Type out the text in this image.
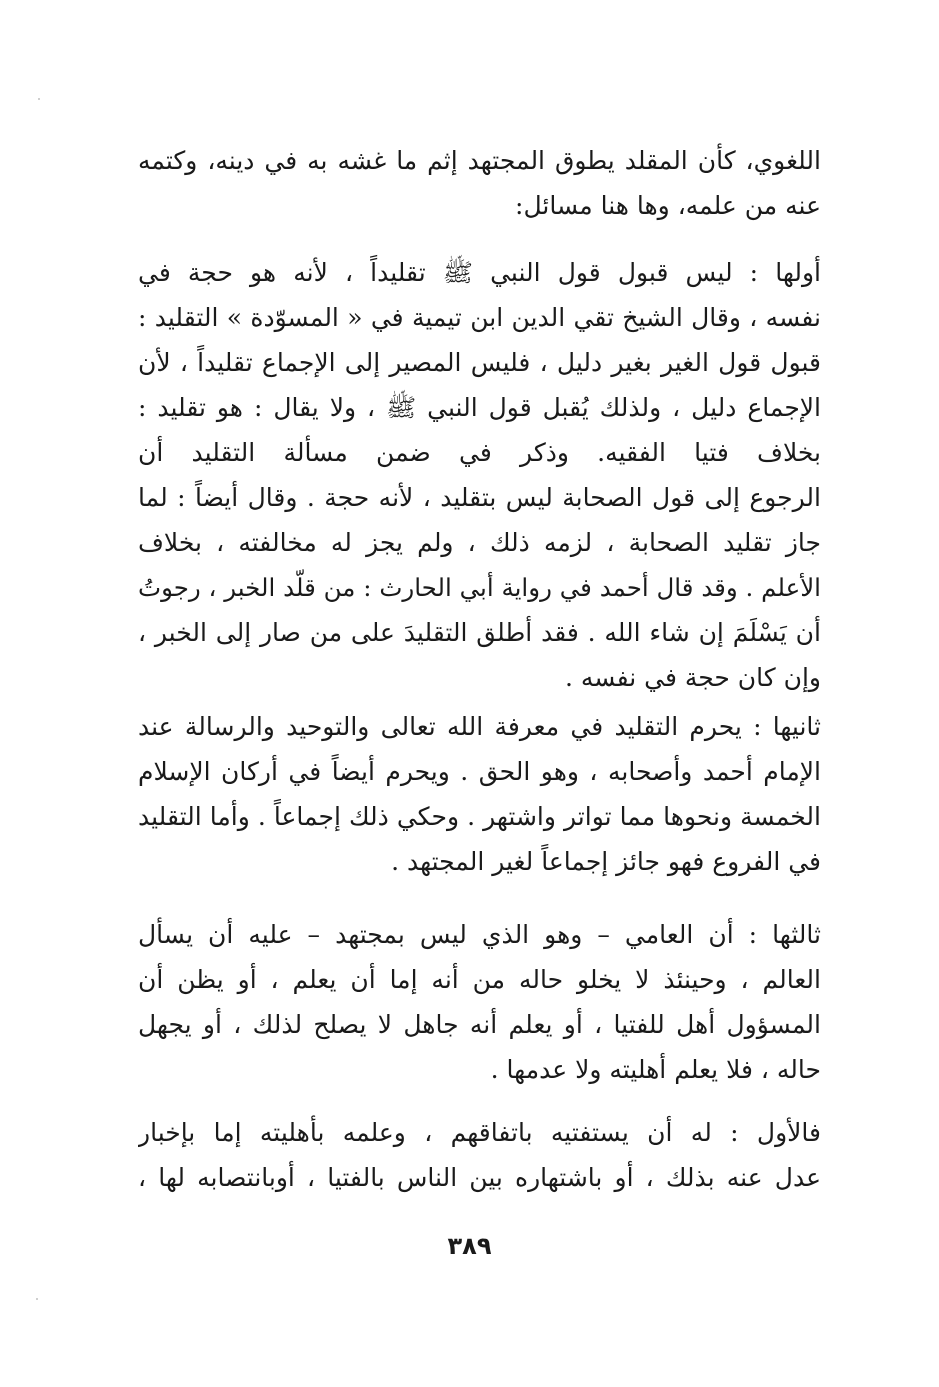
اللغوي، كأن المقلد يطوق المجتهد إثم ما غشه به في دينه، وكتمه
عنه من علمه، وها هنا مسائل:
أولها : ليس قبول قول النبي ﷺ تقليداً ، لأنه هو حجة في
نفسه ، وقال الشيخ تقي الدين ابن تيمية في « المسوّدة » التقليد :
قبول قول الغير بغير دليل ، فليس المصير إلى الإجماع تقليداً ، لأن
الإجماع دليل ، ولذلك يُقبل قول النبي ﷺ ، ولا يقال : هو تقليد :
بخلاف فتيا الفقيه. وذكر في ضمن مسألة التقليد أن
الرجوع إلى قول الصحابة ليس بتقليد ، لأنه حجة . وقال أيضاً : لما
جاز تقليد الصحابة ، لزمه ذلك ، ولم يجز له مخالفته ، بخلاف
الأعلم . وقد قال أحمد في رواية أبي الحارث : من قلّد الخبر ، رجوتُ
أن يَسْلَمَ إن شاء الله . فقد أطلق التقليدَ على من صار إلى الخبر ،
وإن كان حجة في نفسه .
ثانيها : يحرم التقليد في معرفة الله تعالى والتوحيد والرسالة عند
الإمام أحمد وأصحابه ، وهو الحق . ويحرم أيضاً في أركان الإسلام
الخمسة ونحوها مما تواتر واشتهر . وحكي ذلك إجماعاً . وأما التقليد
في الفروع فهو جائز إجماعاً لغير المجتهد .
ثالثها : أن العامي – وهو الذي ليس بمجتهد – عليه أن يسأل
العالم ، وحينئذ لا يخلو حاله من أنه إما أن يعلم ، أو يظن أن
المسؤول أهل للفتيا ، أو يعلم أنه جاهل لا يصلح لذلك ، أو يجهل
حاله ، فلا يعلم أهليته ولا عدمها .
فالأول : له أن يستفتيه باتفاقهم ، وعلمه بأهليته إما بإخبار
عدل عنه بذلك ، أو باشتهاره بين الناس بالفتيا ، أوبانتصابه لها ،
٣٨٩
